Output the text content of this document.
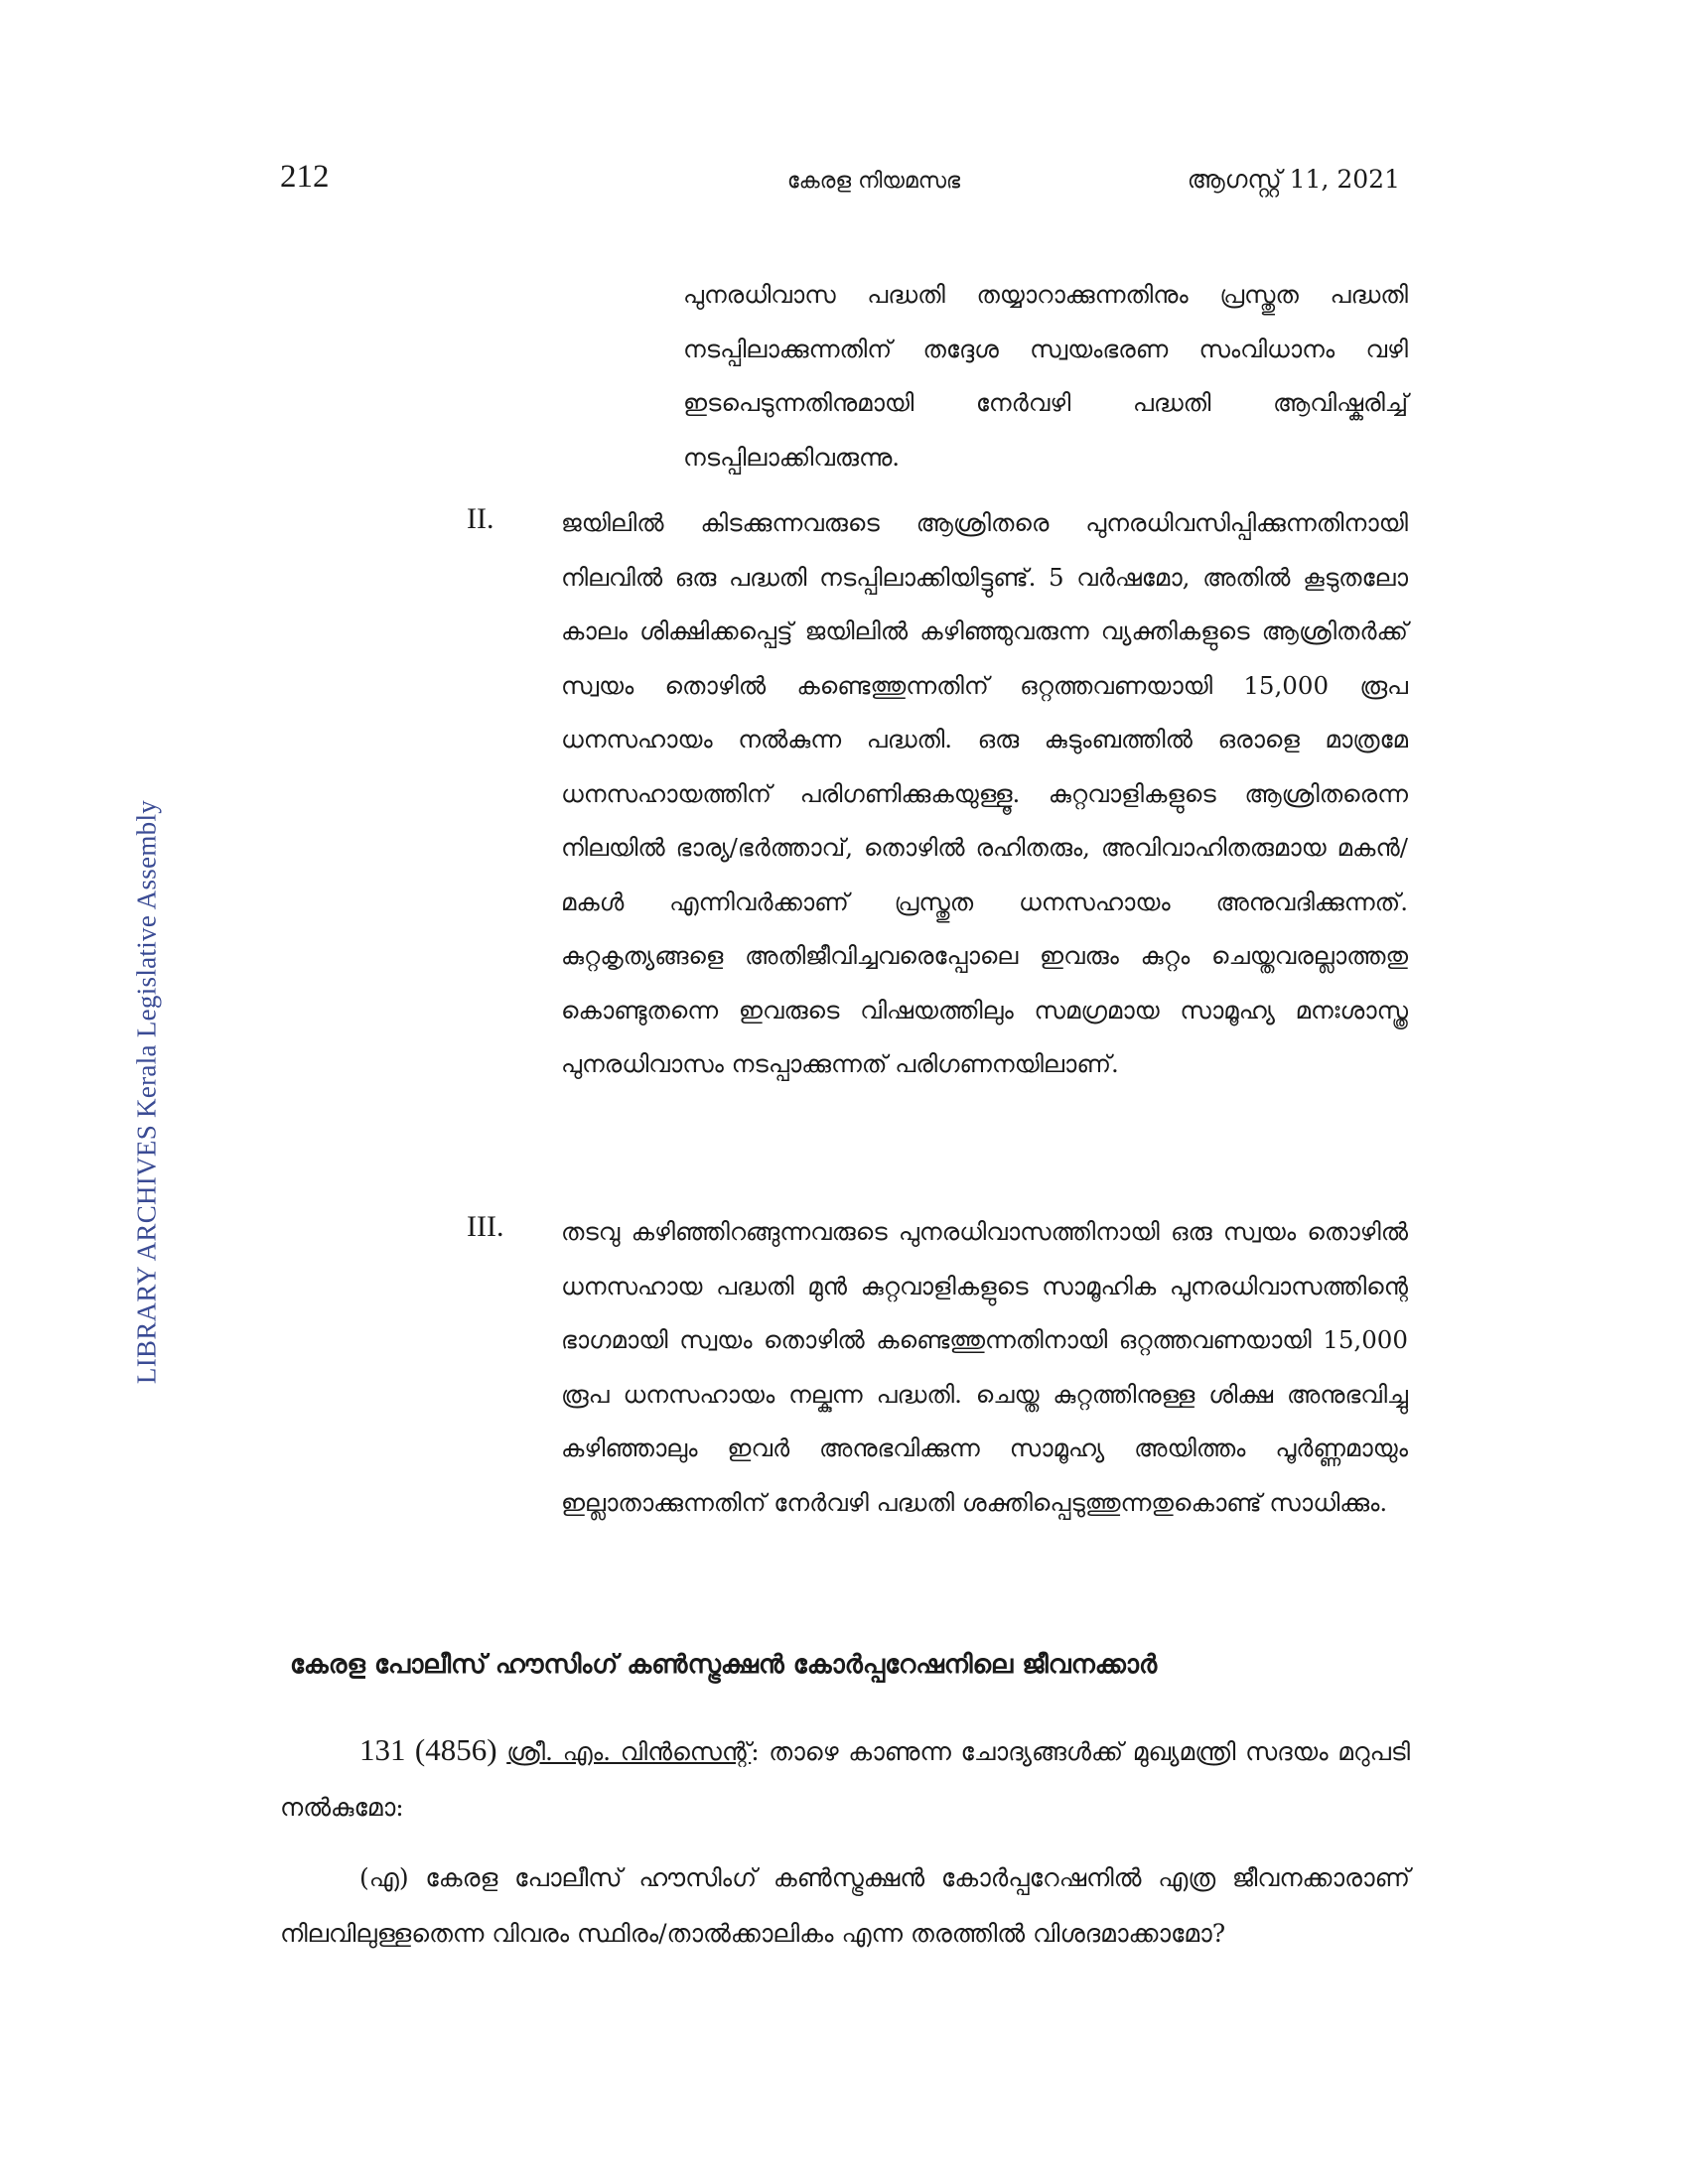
LIBRARY ARCHIVES Kerala Legislative Assembly
212	കേരള നിയമസഭ	ആഗസ്റ്റ് 11, 2021
പുനരധിവാസ പദ്ധതി തയ്യാറാക്കുന്നതിനും പ്രസ്തുത പദ്ധതി നടപ്പിലാക്കുന്നതിന് തദ്ദേശ സ്വയംഭരണ സംവിധാനം വഴി ഇടപെടുന്നതിനുമായി നേർവഴി പദ്ധതി ആവിഷ്കരിച്ച് നടപ്പിലാക്കിവരുന്നു.
II.	ജയിലിൽ കിടക്കുന്നവരുടെ ആശ്രിതരെ പുനരധിവസിപ്പിക്കുന്നതിനായി നിലവിൽ ഒരു പദ്ധതി നടപ്പിലാക്കിയിട്ടുണ്ട്. 5 വർഷമോ, അതിൽ കൂടുതലോ കാലം ശിക്ഷിക്കപ്പെട്ട് ജയിലിൽ കഴിഞ്ഞുവരുന്ന വ്യക്തികളുടെ ആശ്രിതർക്ക് സ്വയം തൊഴിൽ കണ്ടെത്തുന്നതിന് ഒറ്റത്തവണയായി 15,000 രൂപ ധനസഹായം നൽകുന്ന പദ്ധതി. ഒരു കുടുംബത്തിൽ ഒരാളെ മാത്രമേ ധനസഹായത്തിന് പരിഗണിക്കുകയുള്ളൂ. കുറ്റവാളികളുടെ ആശ്രിതരെന്ന നിലയിൽ ഭാര്യ/ഭർത്താവ്, തൊഴിൽ രഹിതരും, അവിവാഹിതരുമായ മകൻ/മകൾ എന്നിവർക്കാണ് പ്രസ്തുത ധനസഹായം അനുവദിക്കുന്നത്. കുറ്റകൃത്യങ്ങളെ അതിജീവിച്ചവരെപ്പോലെ ഇവരും കുറ്റം ചെയ്തവരല്ലാത്തതു കൊണ്ടുതന്നെ ഇവരുടെ വിഷയത്തിലും സമഗ്രമായ സാമൂഹ്യ മനഃശാസ്ത്ര പുനരധിവാസം നടപ്പാക്കുന്നത് പരിഗണനയിലാണ്.
III. തടവു കഴിഞ്ഞിറങ്ങുന്നവരുടെ പുനരധിവാസത്തിനായി ഒരു സ്വയം തൊഴിൽ ധനസഹായ പദ്ധതി മുൻ കുറ്റവാളികളുടെ സാമൂഹിക പുനരധിവാസത്തിന്റെ ഭാഗമായി സ്വയം തൊഴിൽ കണ്ടെത്തുന്നതിനായി ഒറ്റത്തവണയായി 15,000 രൂപ ധനസഹായം നല്കുന്ന പദ്ധതി. ചെയ്ത കുറ്റത്തിനുള്ള ശിക്ഷ അനുഭവിച്ചു കഴിഞ്ഞാലും ഇവർ അനുഭവിക്കുന്ന സാമൂഹ്യ അയിത്തം പൂർണ്ണമായും ഇല്ലാതാക്കുന്നതിന് നേർവഴി പദ്ധതി ശക്തിപ്പെടുത്തുന്നതുകൊണ്ട് സാധിക്കും.
കേരള പോലീസ് ഹൗസിംഗ് കൺസ്ട്രക്ഷൻ കോർപ്പറേഷനിലെ ജീവനക്കാർ
131 (4856) ശ്രീ. എം. വിൻസെന്റ്: താഴെ കാണുന്ന ചോദ്യങ്ങൾക്ക് മുഖ്യമന്ത്രി സദയം മറുപടി നൽകുമോ:
(എ) കേരള പോലീസ് ഹൗസിംഗ് കൺസ്ട്രക്ഷൻ കോർപ്പറേഷനിൽ എത്ര ജീവനക്കാരാണ് നിലവിലുള്ളതെന്ന വിവരം സ്ഥിരം/താൽക്കാലികം എന്ന തരത്തിൽ വിശദമാക്കാമോ?
